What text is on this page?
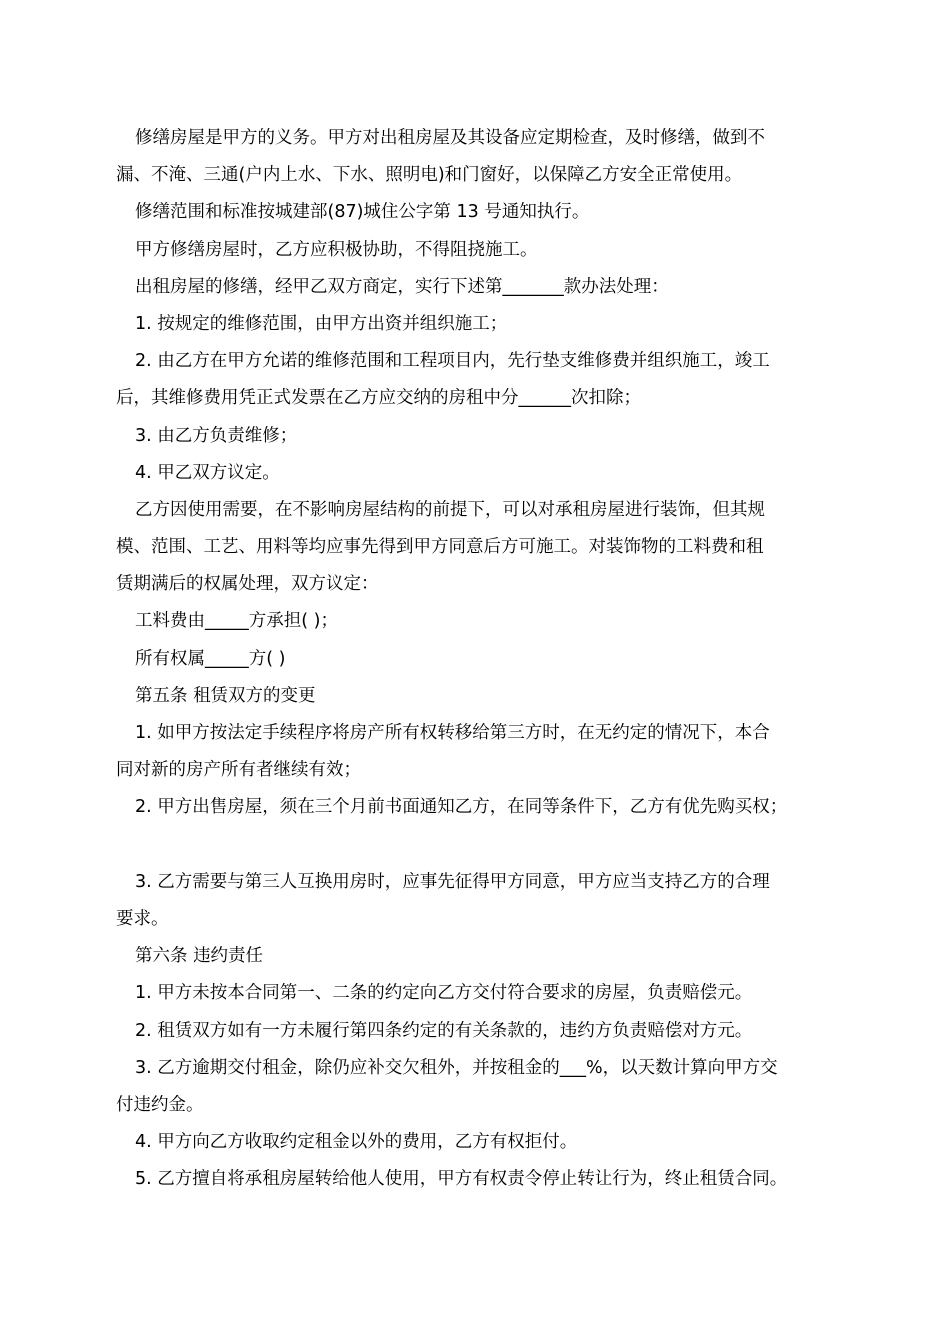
修缮房屋是甲方的义务。甲方对出租房屋及其设备应定期检查，及时修缮，做到不
漏、不淹、三通(户内上水、下水、照明电)和门窗好，以保障乙方安全正常使用。
修缮范围和标准按城建部(87)城住公字第 13 号通知执行。
甲方修缮房屋时，乙方应积极协助，不得阻挠施工。
出租房屋的修缮，经甲乙双方商定，实行下述第_______款办法处理：
1. 按规定的维修范围，由甲方出资并组织施工；
2. 由乙方在甲方允诺的维修范围和工程项目内，先行垫支维修费并组织施工，竣工
后，其维修费用凭正式发票在乙方应交纳的房租中分______次扣除；
3. 由乙方负责维修；
4. 甲乙双方议定。
乙方因使用需要，在不影响房屋结构的前提下，可以对承租房屋进行装饰，但其规
模、范围、工艺、用料等均应事先得到甲方同意后方可施工。对装饰物的工料费和租
赁期满后的权属处理，双方议定：
工料费由_____方承担( )；
所有权属_____方( )
第五条 租赁双方的变更
1. 如甲方按法定手续程序将房产所有权转移给第三方时，在无约定的情况下，本合
同对新的房产所有者继续有效；
2. 甲方出售房屋，须在三个月前书面通知乙方，在同等条件下，乙方有优先购买权；
3. 乙方需要与第三人互换用房时，应事先征得甲方同意，甲方应当支持乙方的合理
要求。
第六条 违约责任
1. 甲方未按本合同第一、二条的约定向乙方交付符合要求的房屋，负责赔偿元。
2. 租赁双方如有一方未履行第四条约定的有关条款的，违约方负责赔偿对方元。
3. 乙方逾期交付租金，除仍应补交欠租外，并按租金的___%，以天数计算向甲方交
付违约金。
4. 甲方向乙方收取约定租金以外的费用，乙方有权拒付。
5. 乙方擅自将承租房屋转给他人使用，甲方有权责令停止转让行为，终止租赁合同。
